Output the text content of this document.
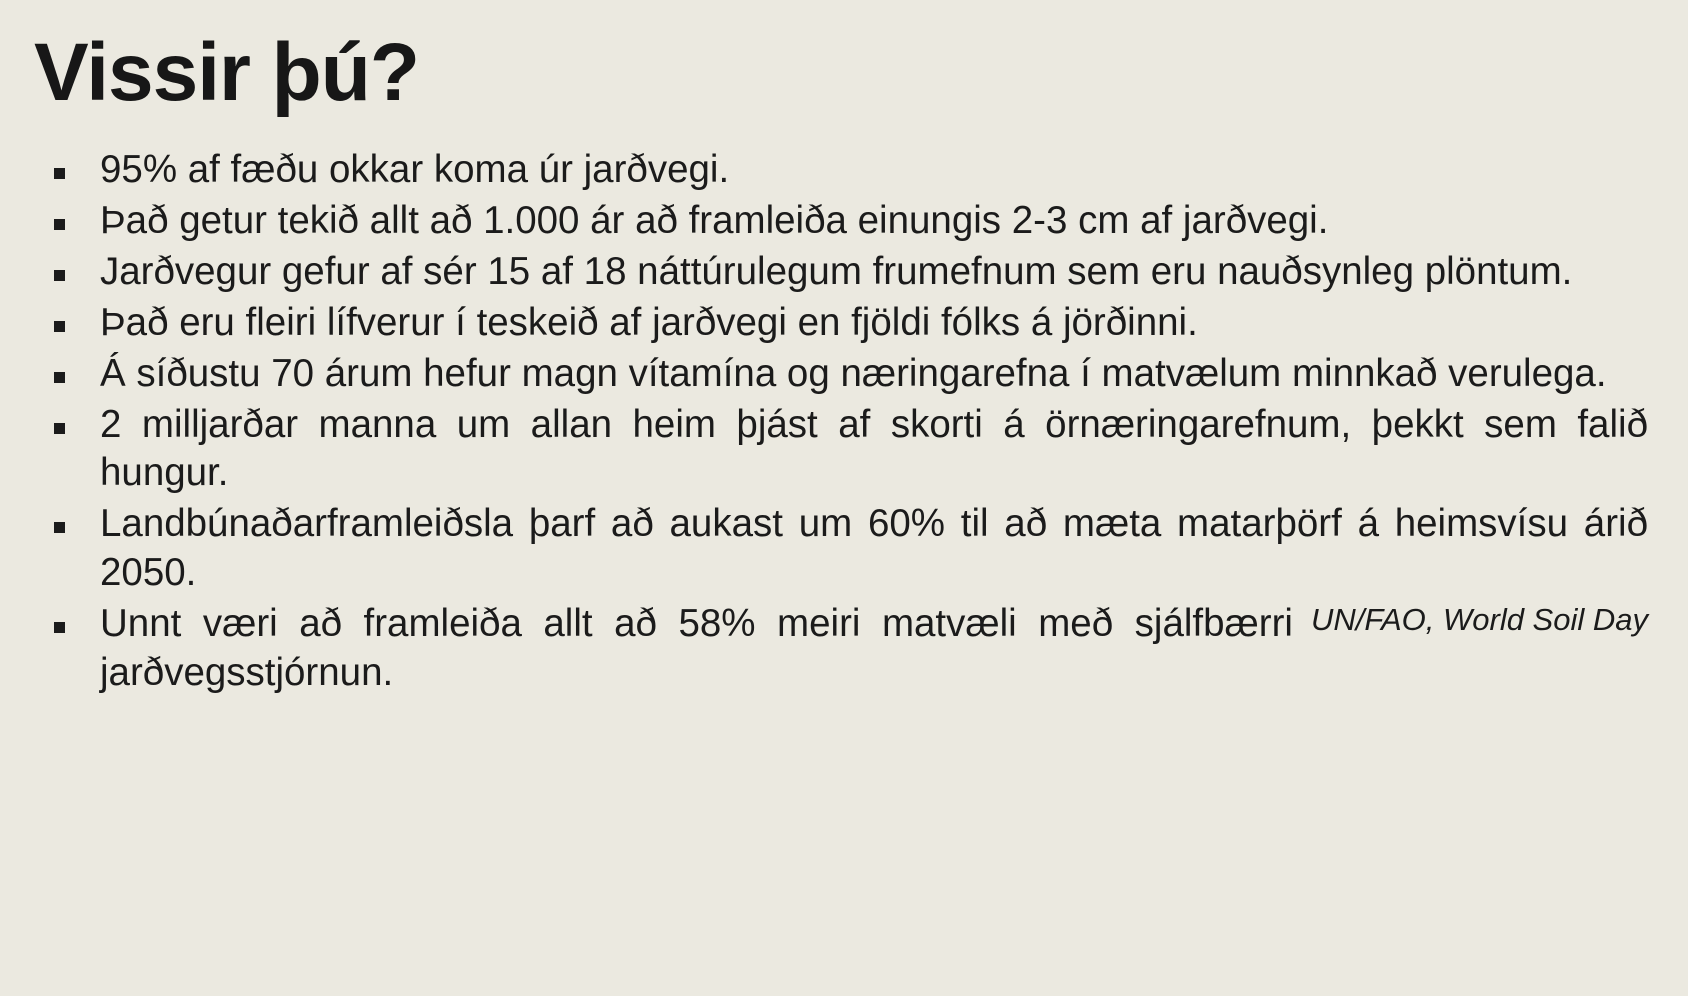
Vissir þú?
95% af fæðu okkar koma úr jarðvegi.
Það getur tekið allt að 1.000 ár að framleiða einungis 2-3 cm af jarðvegi.
Jarðvegur gefur af sér 15 af 18 náttúrulegum frumefnum sem eru nauðsynleg plöntum.
Það eru fleiri lífverur í teskeið af jarðvegi en fjöldi fólks á jörðinni.
Á síðustu 70 árum hefur magn vítamína og næringarefna í matvælum minnkað verulega.
2 milljarðar manna um allan heim þjást af skorti á örnæringarefnum, þekkt sem falið hungur.
Landbúnaðarframleiðsla þarf að aukast um 60% til að mæta matarþörf á heimsvísu árið 2050.
UN/FAO, World Soil Day
Unnt væri að framleiða allt að 58% meiri matvæli með sjálfbærri jarðvegsstjórnun.
